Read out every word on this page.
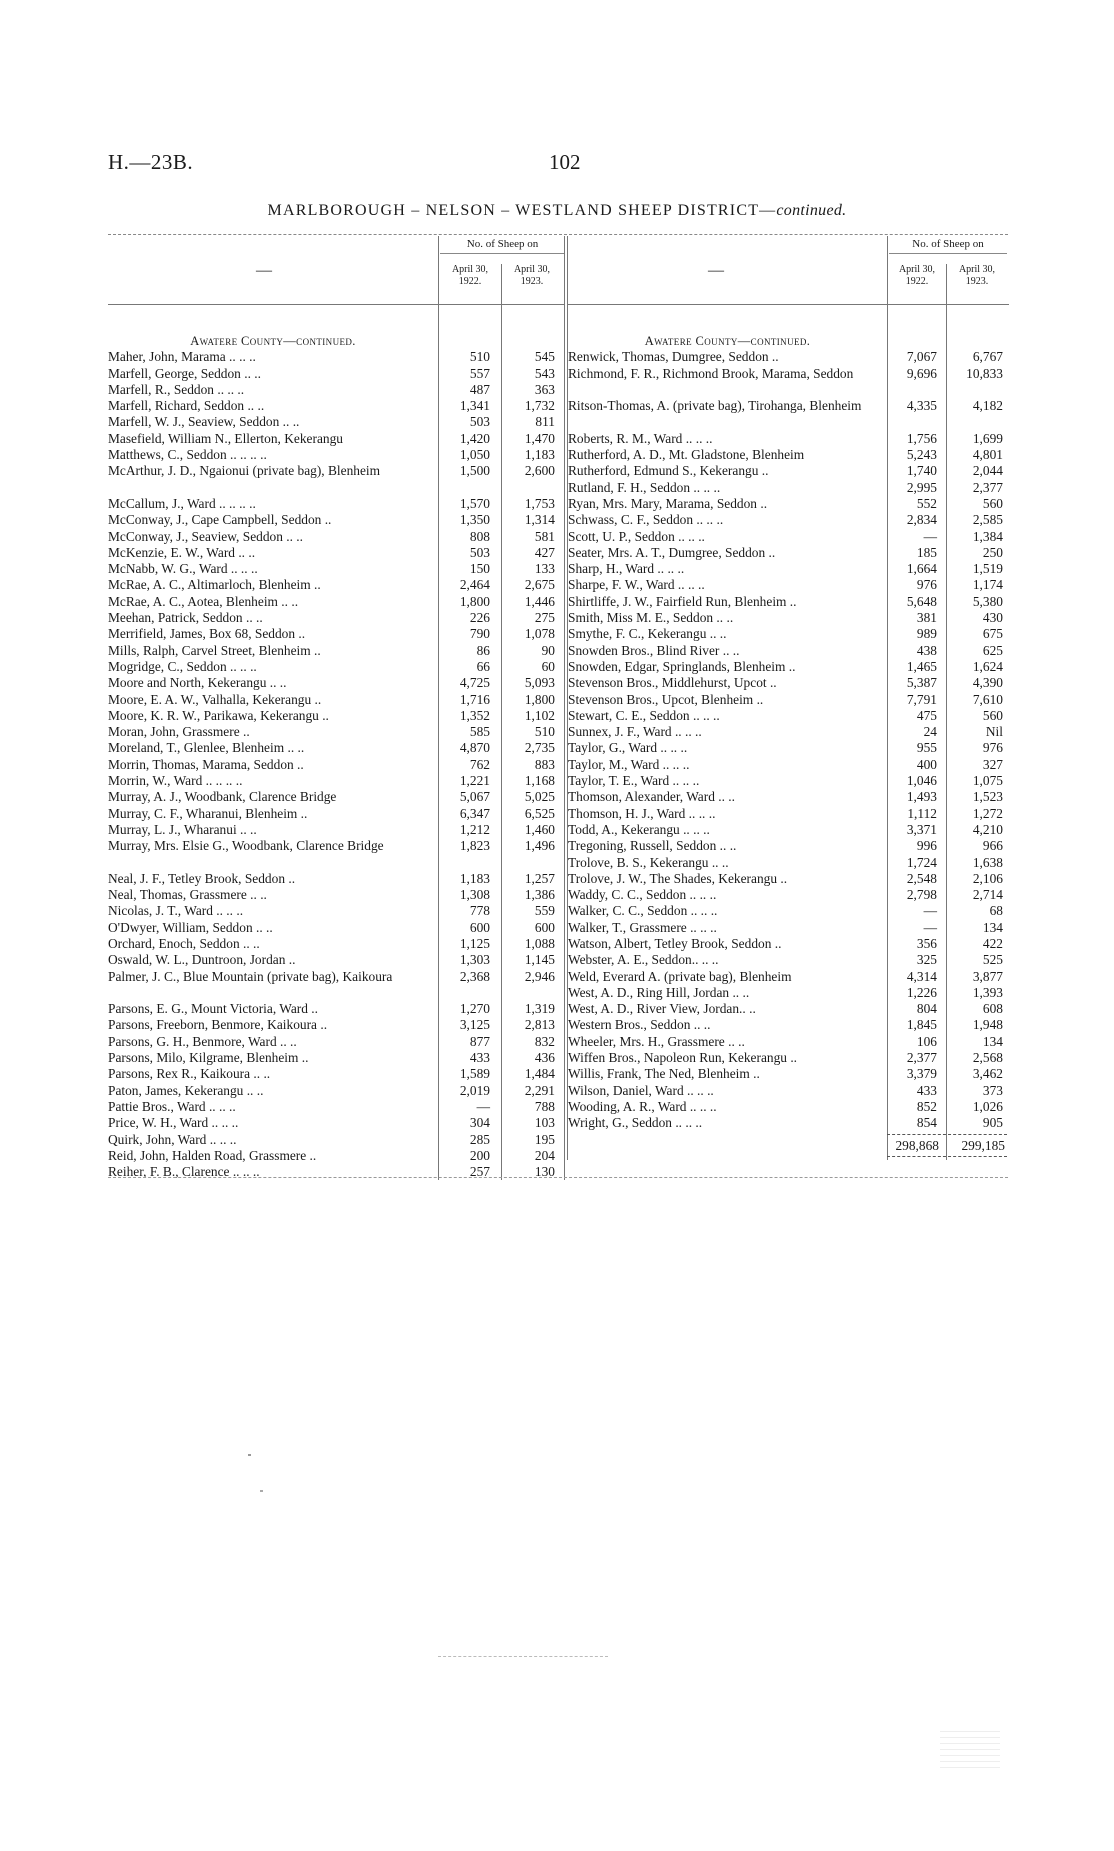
H.—23B.	102
MARLBOROUGH – NELSON – WESTLAND SHEEP DISTRICT—continued.
—
No. of Sheep on
April 30, 1922.
April 30, 1923.
Awatere County—continued.
Maher, John, Marama .. .. ..	510	545
Marfell, George, Seddon .. ..	557	543
Marfell, R., Seddon .. .. ..	487	363
Marfell, Richard, Seddon .. ..	1,341	1,732
Marfell, W. J., Seaview, Seddon .. ..	503	811
Masefield, William N., Ellerton, Kekerangu	1,420	1,470
Matthews, C., Seddon .. .. .. ..	1,050	1,183
McArthur, J. D., Ngaionui (private bag), Blenheim	1,500	2,600
McCallum, J., Ward .. .. .. ..	1,570	1,753
McConway, J., Cape Campbell, Seddon ..	1,350	1,314
McConway, J., Seaview, Seddon .. ..	808	581
McKenzie, E. W., Ward .. ..	503	427
McNabb, W. G., Ward .. .. ..	150	133
McRae, A. C., Altimarloch, Blenheim ..	2,464	2,675
McRae, A. C., Aotea, Blenheim .. ..	1,800	1,446
Meehan, Patrick, Seddon .. ..	226	275
Merrifield, James, Box 68, Seddon ..	790	1,078
Mills, Ralph, Carvel Street, Blenheim ..	86	90
Mogridge, C., Seddon .. .. ..	66	60
Moore and North, Kekerangu .. ..	4,725	5,093
Moore, E. A. W., Valhalla, Kekerangu ..	1,716	1,800
Moore, K. R. W., Parikawa, Kekerangu ..	1,352	1,102
Moran, John, Grassmere ..	585	510
Moreland, T., Glenlee, Blenheim .. ..	4,870	2,735
Morrin, Thomas, Marama, Seddon ..	762	883
Morrin, W., Ward .. .. .. ..	1,221	1,168
Murray, A. J., Woodbank, Clarence Bridge	5,067	5,025
Murray, C. F., Wharanui, Blenheim ..	6,347	6,525
Murray, L. J., Wharanui .. ..	1,212	1,460
Murray, Mrs. Elsie G., Woodbank, Clarence Bridge	1,823	1,496
Neal, J. F., Tetley Brook, Seddon ..	1,183	1,257
Neal, Thomas, Grassmere .. ..	1,308	1,386
Nicolas, J. T., Ward .. .. ..	778	559
O'Dwyer, William, Seddon .. ..	600	600
Orchard, Enoch, Seddon .. ..	1,125	1,088
Oswald, W. L., Duntroon, Jordan ..	1,303	1,145
Palmer, J. C., Blue Mountain (private bag), Kaikoura	2,368	2,946
Parsons, E. G., Mount Victoria, Ward ..	1,270	1,319
Parsons, Freeborn, Benmore, Kaikoura ..	3,125	2,813
Parsons, G. H., Benmore, Ward .. ..	877	832
Parsons, Milo, Kilgrame, Blenheim ..	433	436
Parsons, Rex R., Kaikoura .. ..	1,589	1,484
Paton, James, Kekerangu .. ..	2,019	2,291
Pattie Bros., Ward .. .. ..	—	788
Price, W. H., Ward .. .. ..	304	103
Quirk, John, Ward .. .. ..	285	195
Reid, John, Halden Road, Grassmere ..	200	204
Reiher, F. B., Clarence .. .. ..	257	130
—
No. of Sheep on
April 30, 1922.
April 30, 1923.
Awatere County—continued.
Renwick, Thomas, Dumgree, Seddon ..	7,067	6,767
Richmond, F. R., Richmond Brook, Marama, Seddon	9,696	10,833
Ritson-Thomas, A. (private bag), Tirohanga, Blenheim	4,335	4,182
Roberts, R. M., Ward .. .. ..	1,756	1,699
Rutherford, A. D., Mt. Gladstone, Blenheim	5,243	4,801
Rutherford, Edmund S., Kekerangu ..	1,740	2,044
Rutland, F. H., Seddon .. .. ..	2,995	2,377
Ryan, Mrs. Mary, Marama, Seddon ..	552	560
Schwass, C. F., Seddon .. .. ..	2,834	2,585
Scott, U. P., Seddon .. .. ..	—	1,384
Seater, Mrs. A. T., Dumgree, Seddon ..	185	250
Sharp, H., Ward .. .. ..	1,664	1,519
Sharpe, F. W., Ward .. .. ..	976	1,174
Shirtliffe, J. W., Fairfield Run, Blenheim ..	5,648	5,380
Smith, Miss M. E., Seddon .. ..	381	430
Smythe, F. C., Kekerangu .. ..	989	675
Snowden Bros., Blind River .. ..	438	625
Snowden, Edgar, Springlands, Blenheim ..	1,465	1,624
Stevenson Bros., Middlehurst, Upcot ..	5,387	4,390
Stevenson Bros., Upcot, Blenheim ..	7,791	7,610
Stewart, C. E., Seddon .. .. ..	475	560
Sunnex, J. F., Ward .. .. ..	24	Nil
Taylor, G., Ward .. .. ..	955	976
Taylor, M., Ward .. .. ..	400	327
Taylor, T. E., Ward .. .. ..	1,046	1,075
Thomson, Alexander, Ward .. ..	1,493	1,523
Thomson, H. J., Ward .. .. ..	1,112	1,272
Todd, A., Kekerangu .. .. ..	3,371	4,210
Tregoning, Russell, Seddon .. ..	996	966
Trolove, B. S., Kekerangu .. ..	1,724	1,638
Trolove, J. W., The Shades, Kekerangu ..	2,548	2,106
Waddy, C. C., Seddon .. .. ..	2,798	2,714
Walker, C. C., Seddon .. .. ..	—	68
Walker, T., Grassmere .. .. ..	—	134
Watson, Albert, Tetley Brook, Seddon ..	356	422
Webster, A. E., Seddon.. .. ..	325	525
Weld, Everard A. (private bag), Blenheim	4,314	3,877
West, A. D., Ring Hill, Jordan .. ..	1,226	1,393
West, A. D., River View, Jordan.. ..	804	608
Western Bros., Seddon .. ..	1,845	1,948
Wheeler, Mrs. H., Grassmere .. ..	106	134
Wiffen Bros., Napoleon Run, Kekerangu ..	2,377	2,568
Willis, Frank, The Ned, Blenheim ..	3,379	3,462
Wilson, Daniel, Ward .. .. ..	433	373
Wooding, A. R., Ward .. .. ..	852	1,026
Wright, G., Seddon .. .. ..	854	905
298,868	299,185
